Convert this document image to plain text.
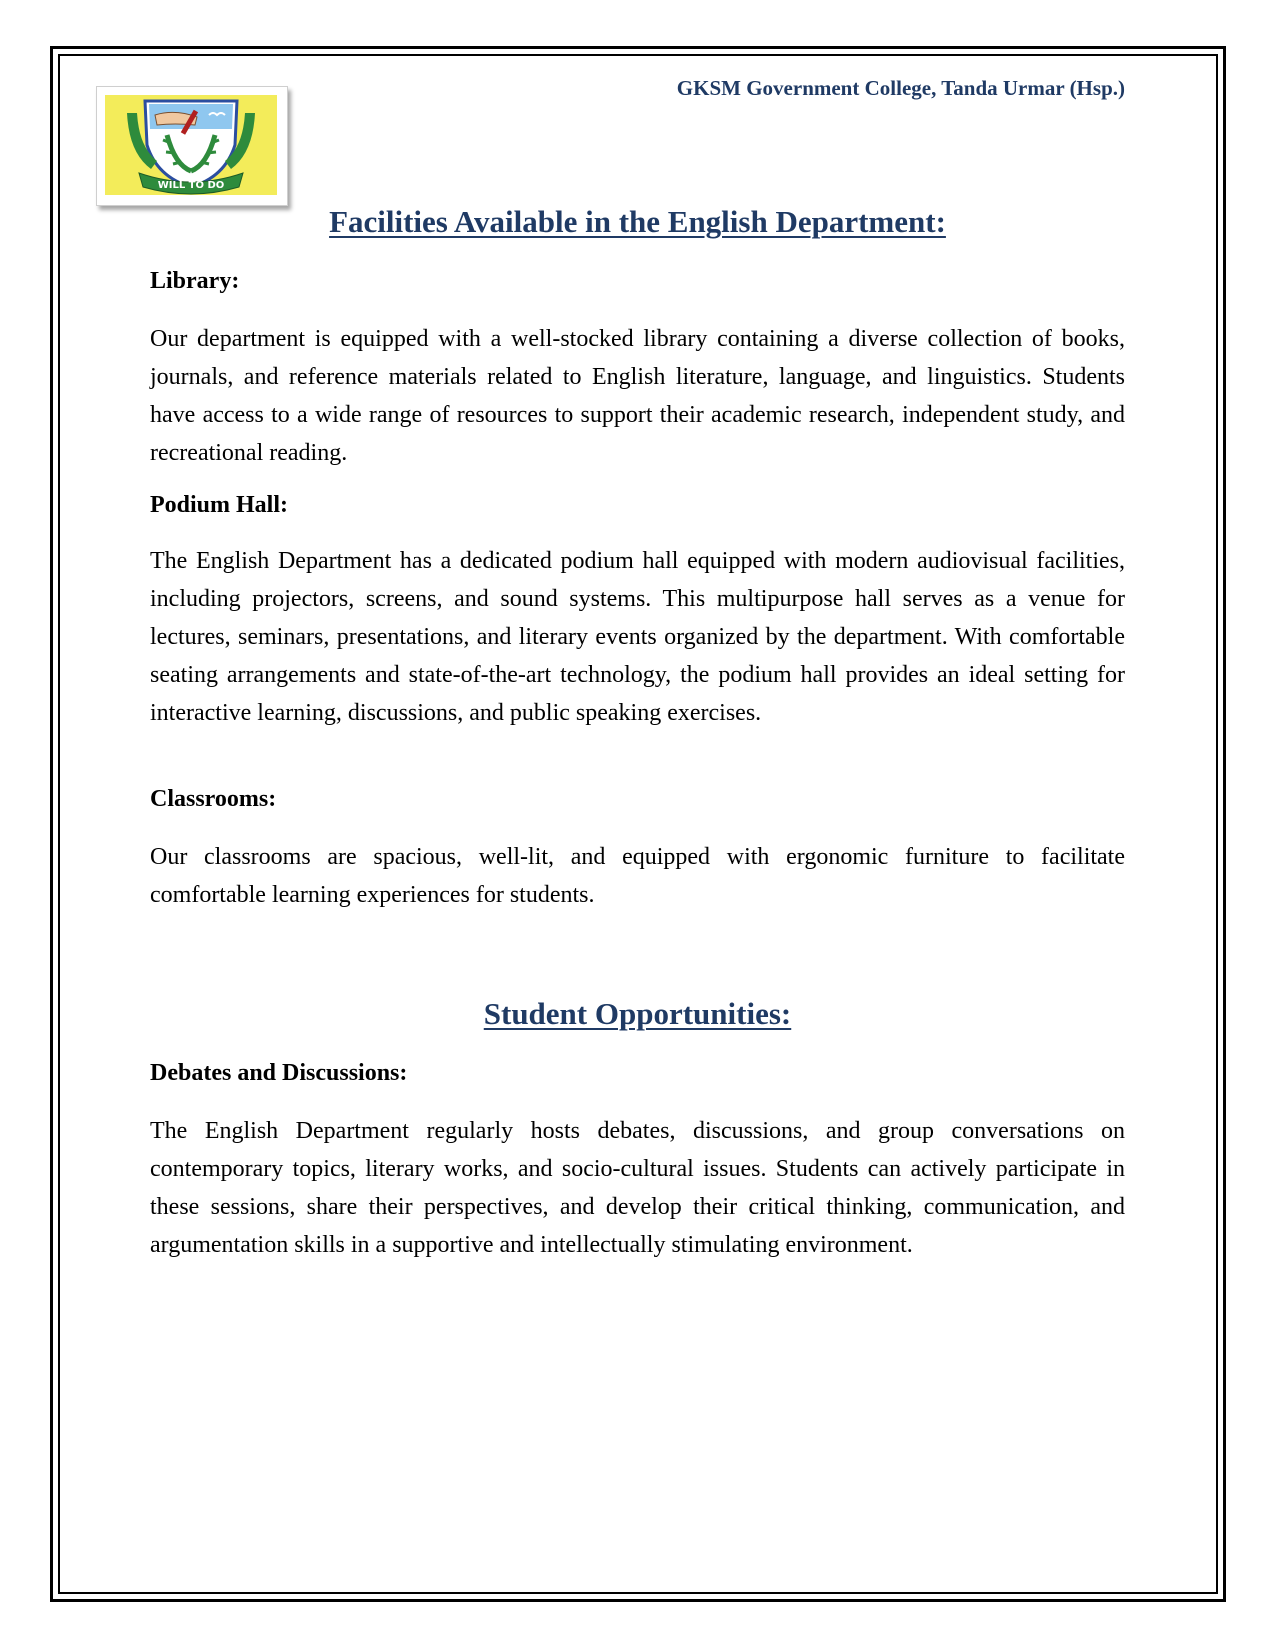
WILL TO DO
GKSM Government College, Tanda Urmar (Hsp.)
Facilities Available in the English Department:
Library:

Our department is equipped with a well-stocked library containing a diverse collection of books, journals, and reference materials related to English literature, language, and linguistics. Students have access to a wide range of resources to support their academic research, independent study, and recreational reading.

Podium Hall:

The English Department has a dedicated podium hall equipped with modern audiovisual facilities, including projectors, screens, and sound systems. This multipurpose hall serves as a venue for lectures, seminars, presentations, and literary events organized by the department. With comfortable seating arrangements and state-of-the-art technology, the podium hall provides an ideal setting for interactive learning, discussions, and public speaking exercises.

Classrooms:

Our classrooms are spacious, well-lit, and equipped with ergonomic furniture to facilitate comfortable learning experiences for students.

Student Opportunities:
Debates and Discussions:

The English Department regularly hosts debates, discussions, and group conversations on contemporary topics, literary works, and socio-cultural issues. Students can actively participate in these sessions, share their perspectives, and develop their critical thinking, communication, and argumentation skills in a supportive and intellectually stimulating environment.
